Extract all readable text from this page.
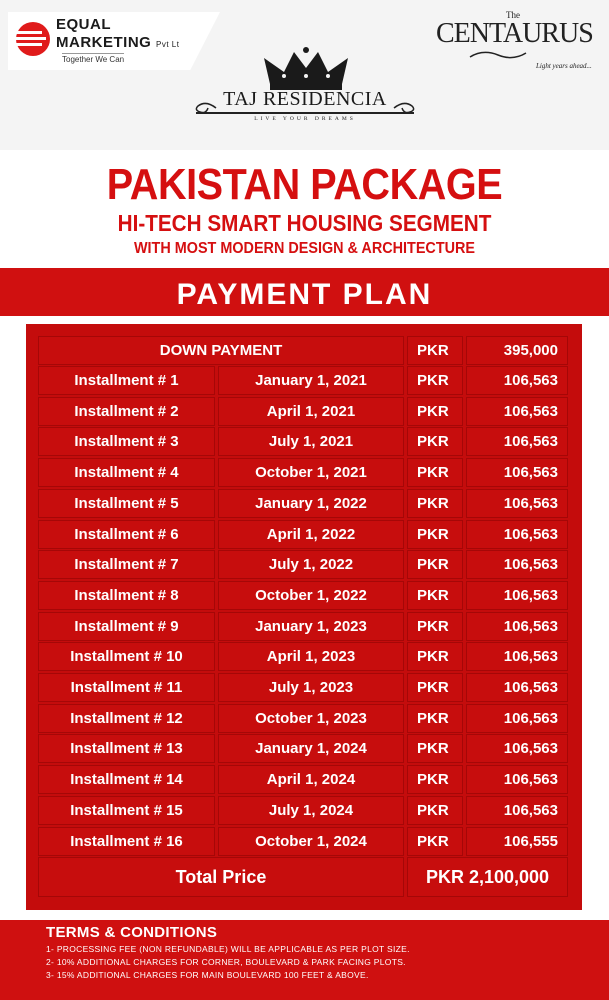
EQUAL
MARKETING Pvt Lt
Together We Can
The
CENTAURUS
Light years ahead...
TAJ RESIDENCIA
LIVE YOUR DREAMS
PAKISTAN PACKAGE
HI-TECH SMART HOUSING SEGMENT
WITH MOST MODERN DESIGN & ARCHITECTURE
PAYMENT PLAN
DOWN PAYMENT	PKR	395,000
Installment # 1	January 1, 2021	PKR	106,563
Installment # 2	April 1, 2021	PKR	106,563
Installment # 3	July 1, 2021	PKR	106,563
Installment # 4	October 1, 2021	PKR	106,563
Installment # 5	January 1, 2022	PKR	106,563
Installment # 6	April 1, 2022	PKR	106,563
Installment # 7	July 1, 2022	PKR	106,563
Installment # 8	October 1, 2022	PKR	106,563
Installment # 9	January 1, 2023	PKR	106,563
Installment # 10	April 1, 2023	PKR	106,563
Installment # 11	July 1, 2023	PKR	106,563
Installment # 12	October 1, 2023	PKR	106,563
Installment # 13	January 1, 2024	PKR	106,563
Installment # 14	April 1, 2024	PKR	106,563
Installment # 15	July 1, 2024	PKR	106,563
Installment # 16	October 1, 2024	PKR	106,555
Total Price	PKR 2,100,000
TERMS & CONDITIONS
1- PROCESSING FEE (NON REFUNDABLE) WILL BE APPLICABLE AS PER PLOT SIZE.
2- 10% ADDITIONAL CHARGES FOR CORNER, BOULEVARD & PARK FACING PLOTS.
3- 15% ADDITIONAL CHARGES FOR MAIN BOULEVARD 100 FEET & ABOVE.
